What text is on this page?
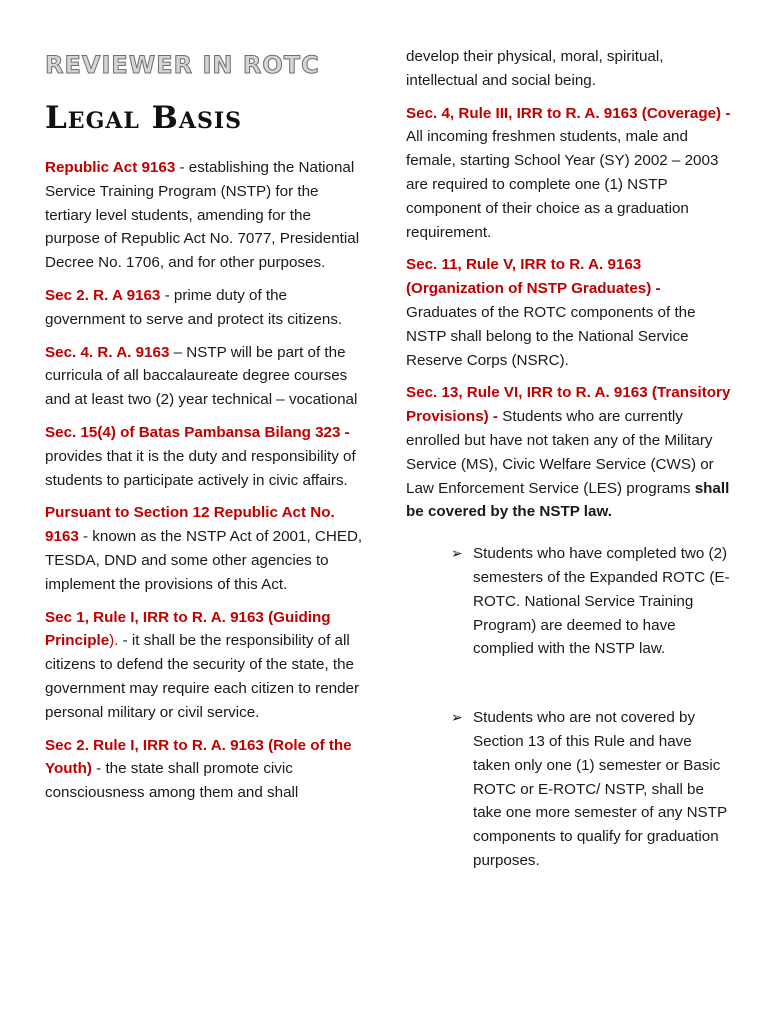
REVIEWER IN ROTC
Legal Basis

Republic Act 9163 - establishing the National Service Training Program (NSTP) for the tertiary level students, amending for the purpose of Republic Act No. 7077, Presidential Decree No. 1706, and for other purposes.

Sec 2. R. A 9163 - prime duty of the government to serve and protect its citizens.

Sec. 4. R. A. 9163 – NSTP will be part of the curricula of all baccalaureate degree courses and at least two (2) year technical – vocational

Sec. 15(4) of Batas Pambansa Bilang 323 - provides that it is the duty and responsibility of students to participate actively in civic affairs.

Pursuant to Section 12 Republic Act No. 9163 - known as the NSTP Act of 2001, CHED, TESDA, DND and some other agencies to implement the provisions of this Act.

Sec 1, Rule I, IRR to R. A. 9163 (Guiding Principle). - it shall be the responsibility of all citizens to defend the security of the state, the government may require each citizen to render personal military or civil service.

Sec 2. Rule I, IRR to R. A. 9163 (Role of the Youth) - the state shall promote civic consciousness among them and shall

develop their physical, moral, spiritual, intellectual and social being.

Sec. 4, Rule III, IRR to R. A. 9163 (Coverage) - All incoming freshmen students, male and female, starting School Year (SY) 2002 – 2003 are required to complete one (1) NSTP component of their choice as a graduation requirement.

Sec. 11, Rule V, IRR to R. A. 9163 (Organization of NSTP Graduates) - Graduates of the ROTC components of the NSTP shall belong to the National Service Reserve Corps (NSRC).

Sec. 13, Rule VI, IRR to R. A. 9163 (Transitory Provisions) - Students who are currently enrolled but have not taken any of the Military Service (MS), Civic Welfare Service (CWS) or Law Enforcement Service (LES) programs shall be covered by the NSTP law.

➢ Students who have completed two (2) semesters of the Expanded ROTC (E-ROTC. National Service Training Program) are deemed to have complied with the NSTP law.
➢ Students who are not covered by Section 13 of this Rule and have taken only one (1) semester or Basic ROTC or E-ROTC/ NSTP, shall be take one more semester of any NSTP components to qualify for graduation purposes.
